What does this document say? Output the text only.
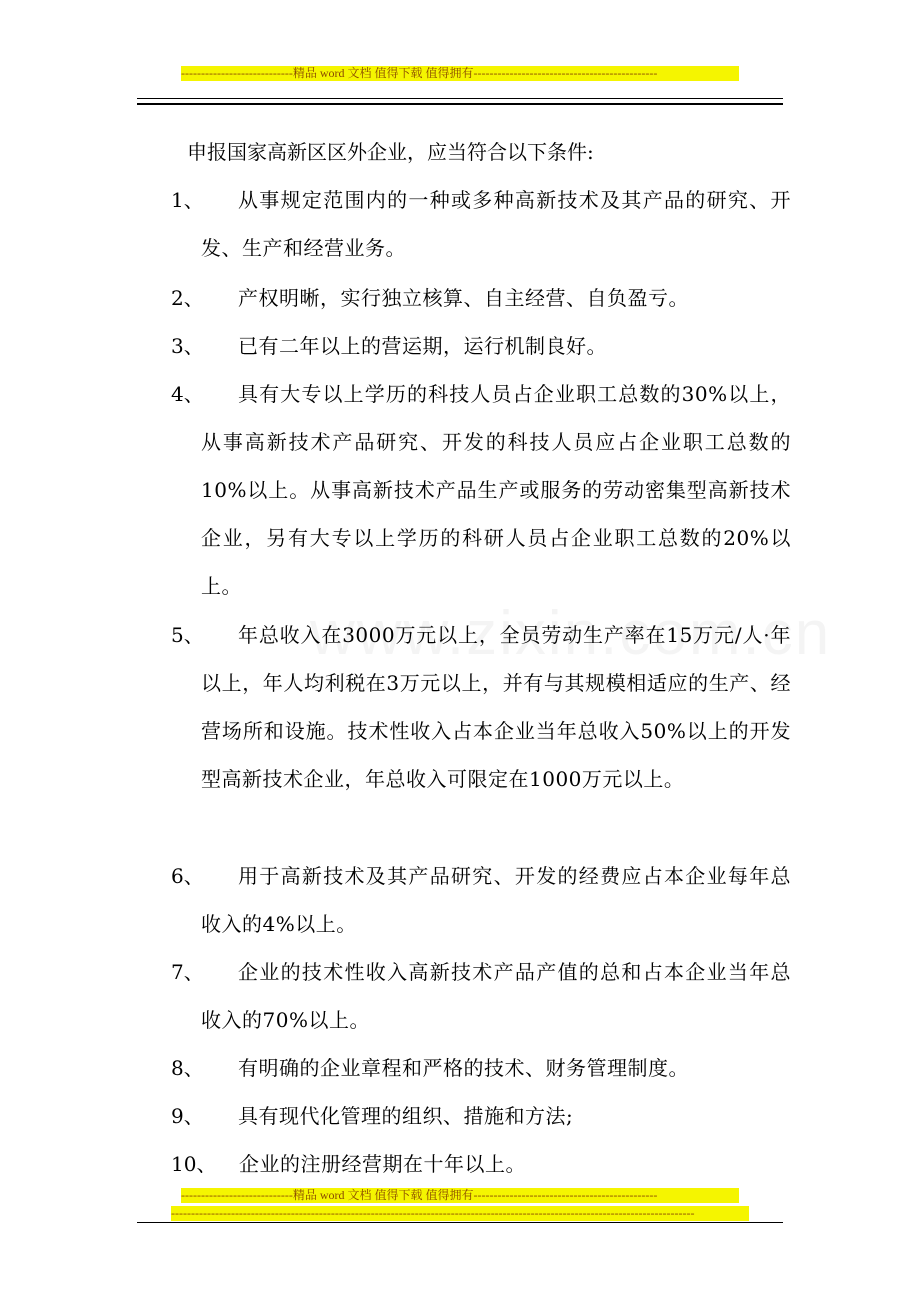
----------------------------精品 word 文档 值得下载 值得拥有----------------------------------------------
申报国家高新区区外企业，应当符合以下条件:
1、	从事规定范围内的一种或多种高新技术及其产品的研究、开发、生产和经营业务。
2、	产权明晰，实行独立核算、自主经营、自负盈亏。
3、	已有二年以上的营运期，运行机制良好。
4、	具有大专以上学历的科技人员占企业职工总数的30%以上，从事高新技术产品研究、开发的科技人员应占企业职工总数的10%以上。从事高新技术产品生产或服务的劳动密集型高新技术企业，另有大专以上学历的科研人员占企业职工总数的20%以上。
5、	年总收入在3000万元以上，全员劳动生产率在15万元/人·年以上，年人均利税在3万元以上，并有与其规模相适应的生产、经营场所和设施。技术性收入占本企业当年总收入50%以上的开发型高新技术企业，年总收入可限定在1000万元以上。
6、	用于高新技术及其产品研究、开发的经费应占本企业每年总收入的4%以上。
7、	企业的技术性收入高新技术产品产值的总和占本企业当年总收入的70%以上。
8、	有明确的企业章程和严格的技术、财务管理制度。
9、	具有现代化管理的组织、措施和方法;
10、	企业的注册经营期在十年以上。
----------------------------精品 word 文档 值得下载 值得拥有----------------------------------------------
-----------------------------------------------------------------------------------------------------------------------------------
